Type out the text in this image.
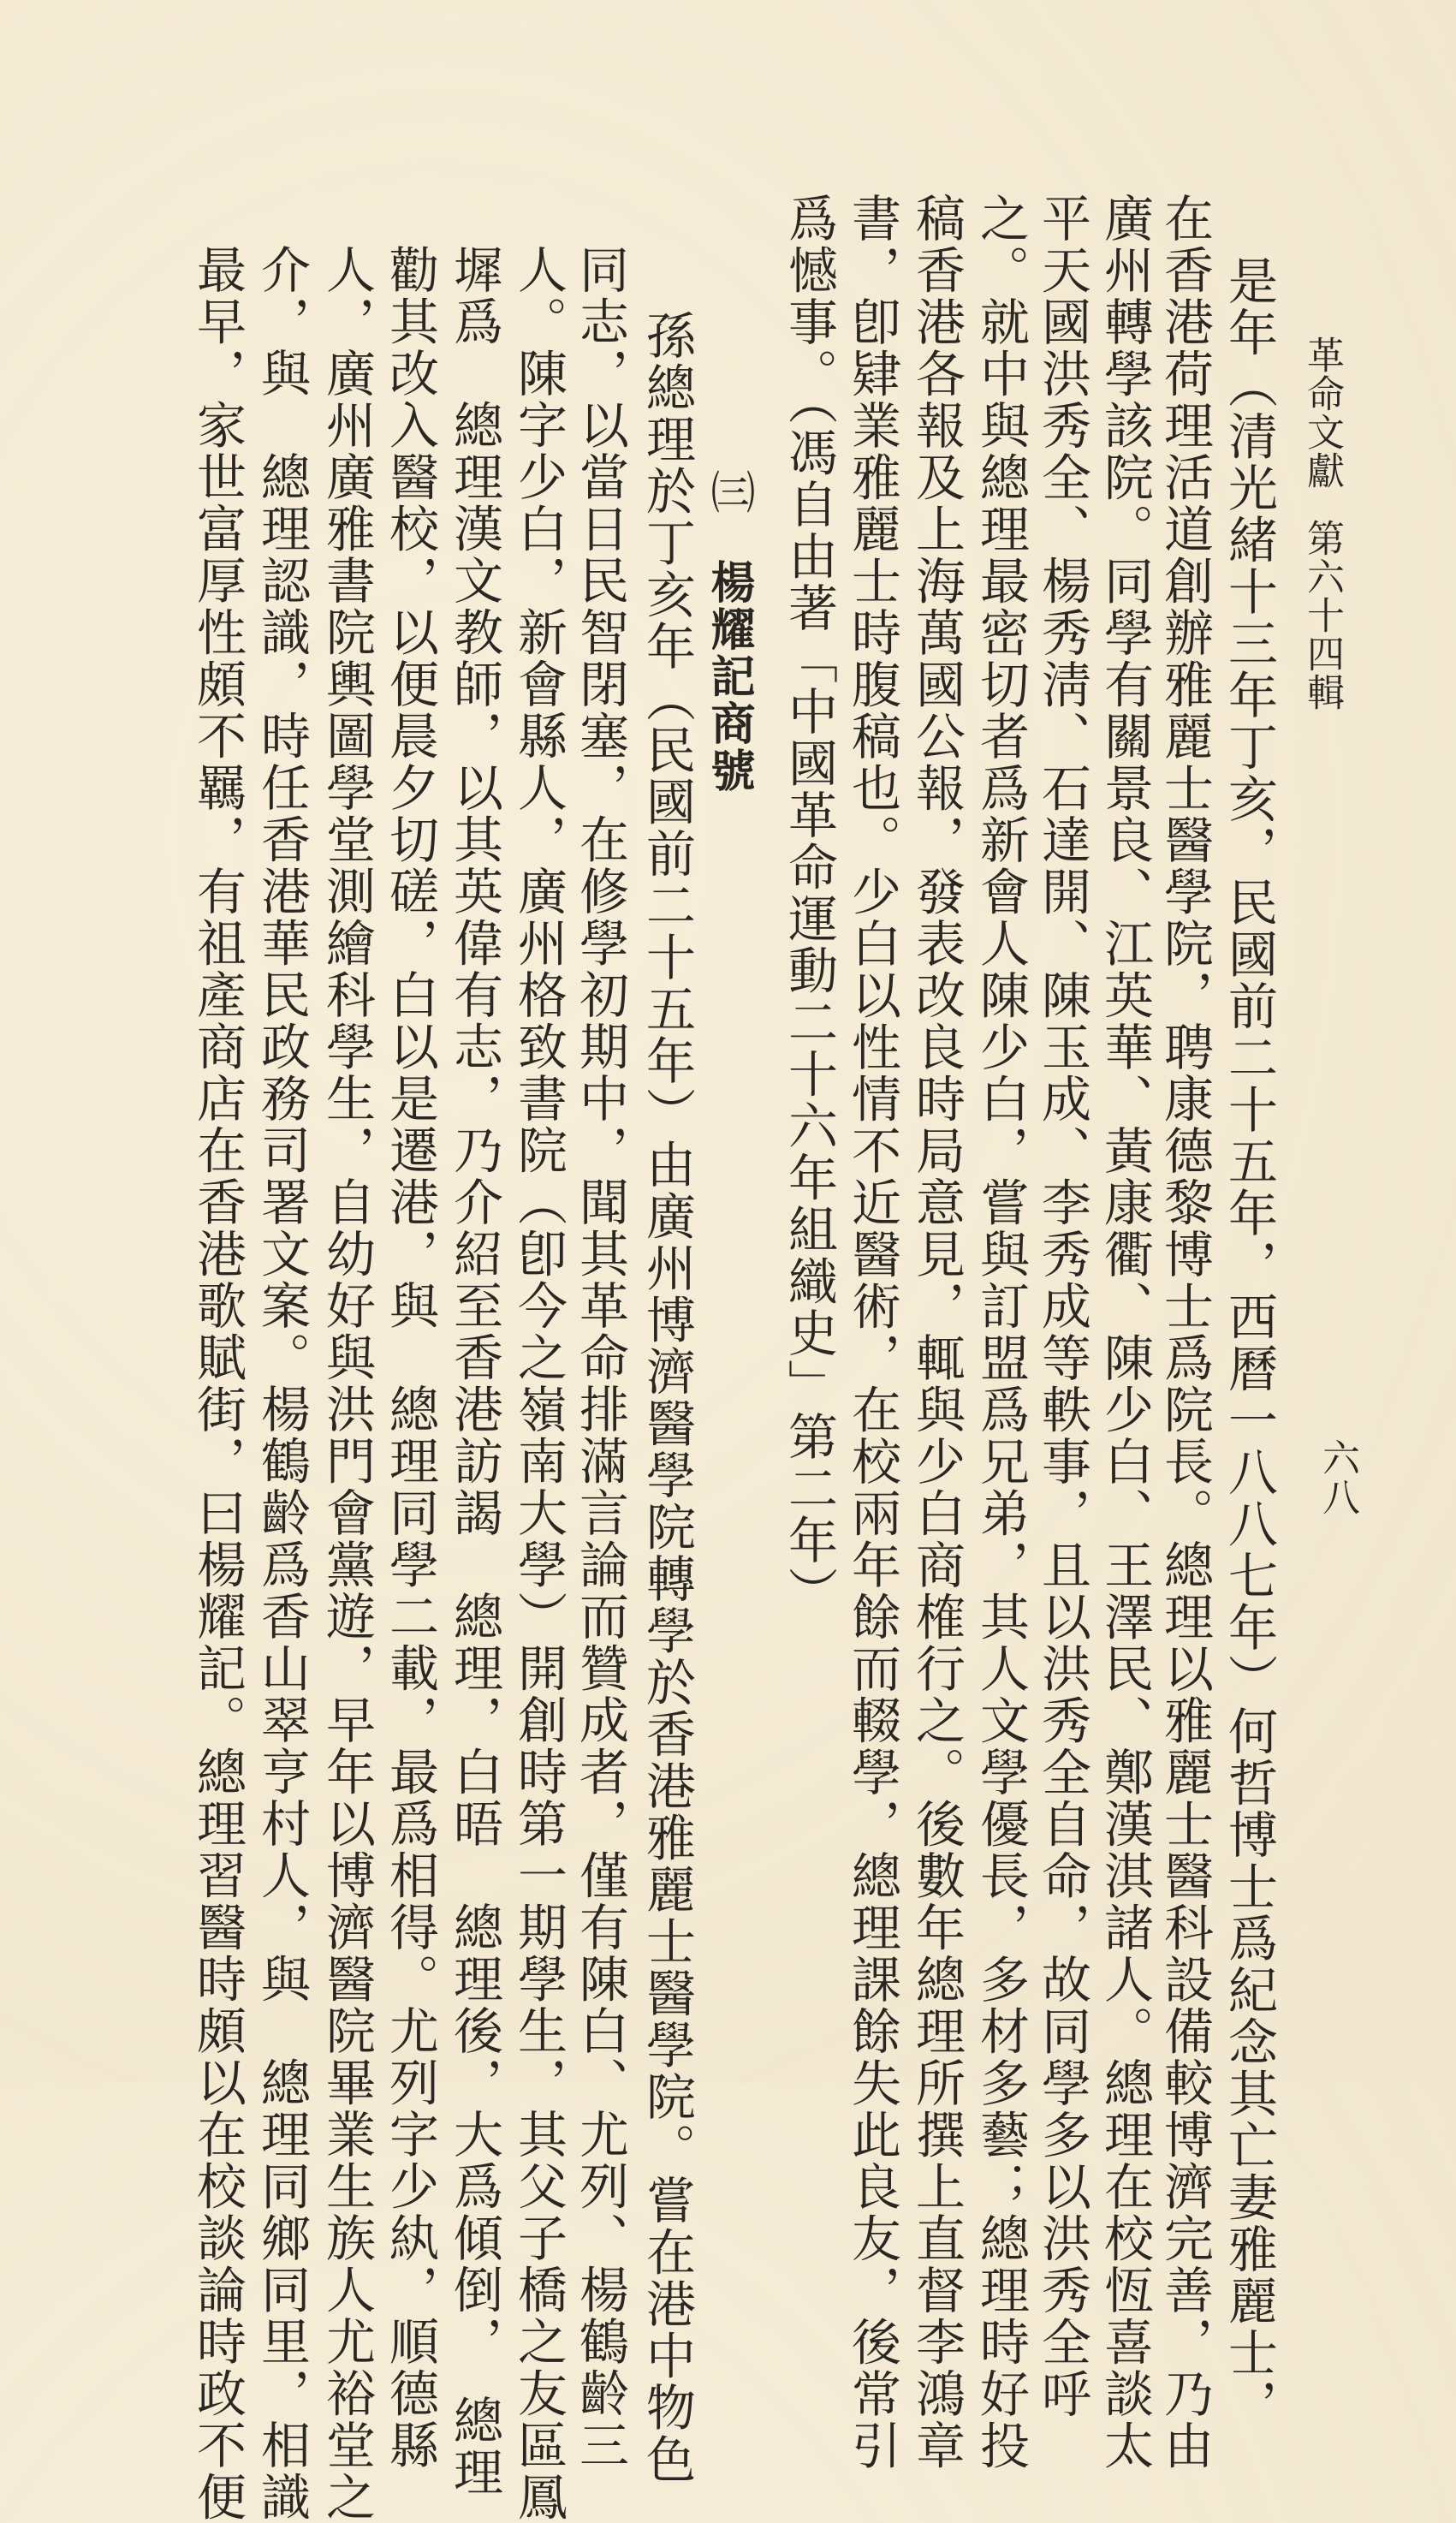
革命文獻第六十四輯
六八
是年（清光緒十三年丁亥，民國前二十五年，西曆一八八七年）何哲博士爲紀念其亡妻雅麗士，
在香港荷理活道創辦雅麗士醫學院，聘康德黎博士爲院長。總理以雅麗士醫科設備較博濟完善，乃由
廣州轉學該院。同學有關景良、江英華、黃康衢、陳少白、王澤民、鄭漢淇諸人。總理在校恆喜談太
平天國洪秀全、楊秀淸、石達開、陳玉成、李秀成等軼事，且以洪秀全自命，故同學多以洪秀全呼
之。就中與總理最密切者爲新會人陳少白，嘗與訂盟爲兄弟，其人文學優長，多材多藝；總理時好投
稿香港各報及上海萬國公報，發表改良時局意見，輒與少白商榷行之。後數年總理所撰上直督李鴻章
書，卽肄業雅麗士時腹稿也。少白以性情不近醫術，在校兩年餘而輟學，總理課餘失此良友，後常引
爲憾事。（馮自由著「中國革命運動二十六年組織史」第二年）
㈢楊耀記商號
孫總理於丁亥年（民國前二十五年）由廣州博濟醫學院轉學於香港雅麗士醫學院。嘗在港中物色
同志，以當日民智閉塞，在修學初期中，聞其革命排滿言論而贊成者，僅有陳白、尤列、楊鶴齡三
人。陳字少白，新會縣人，廣州格致書院（卽今之嶺南大學）開創時第一期學生，其父子橋之友區鳳
墀爲　總理漢文教師，以其英偉有志，乃介紹至香港訪謁　總理，白晤　總理後，大爲傾倒，　總理
勸其改入醫校，以便晨夕切磋，白以是遷港，與　總理同學二載，最爲相得。尤列字少紈，順德縣
人，廣州廣雅書院輿圖學堂測繪科學生，自幼好與洪門會黨遊，早年以博濟醫院畢業生族人尤裕堂之
介，與　總理認識，時任香港華民政務司署文案。楊鶴齡爲香山翠亨村人，與　總理同鄉同里，相識
最早，家世富厚性頗不羈，有祖產商店在香港歌賦街，曰楊耀記。總理習醫時頗以在校談論時政不便
